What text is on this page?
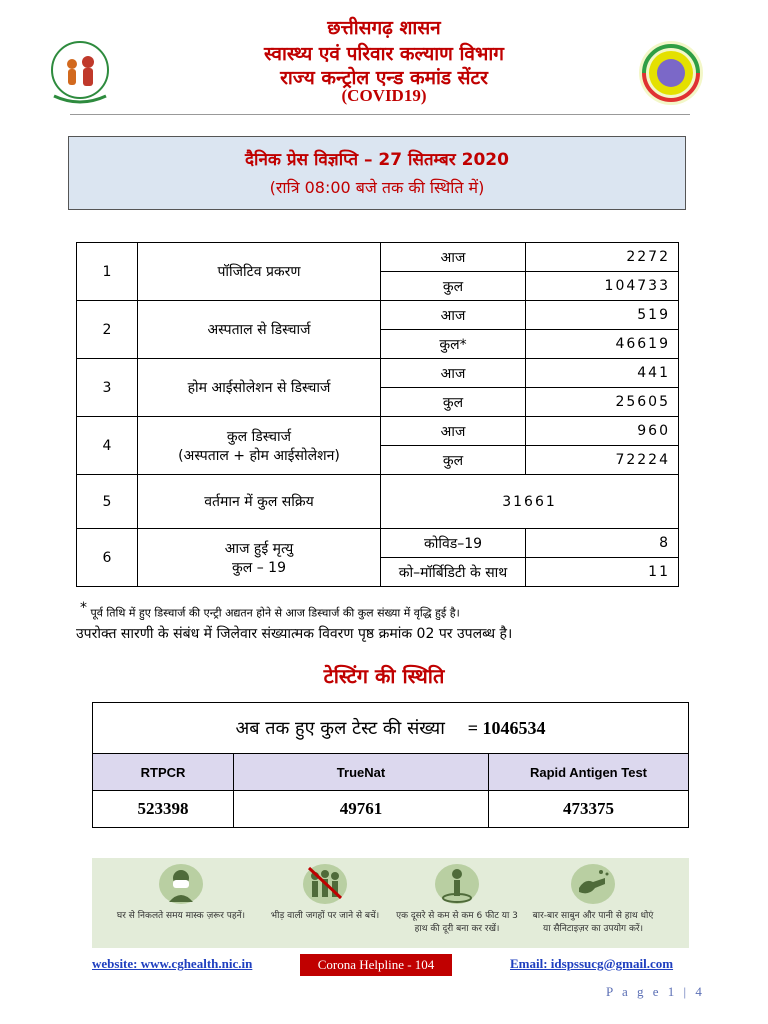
छत्तीसगढ़ शासन
स्वास्थ्य एवं परिवार कल्याण विभाग
राज्य कन्ट्रोल एन्ड कमांड सेंटर
(COVID19)
दैनिक प्रेस विज्ञप्ति – 27 सितम्बर 2020
(रात्रि 08:00 बजे तक की स्थिति में)
1	पॉजिटिव प्रकरण	आज	2272
		कुल	104733
2	अस्पताल से डिस्चार्ज	आज	519
		कुल*	46619
3	होम आईसोलेशन से डिस्चार्ज	आज	441
		कुल	25605
4	कुल डिस्चार्ज
(अस्पताल + होम आईसोलेशन)	आज	960
		कुल	72224
5	वर्तमान में कुल सक्रिय	31661	
6	आज हुई मृत्यु
कुल – 19	कोविड–19	8
		को–मॉर्बिडिटी के साथ	11
* पूर्व तिथि में हुए डिस्चार्ज की एन्ट्री अद्यतन होने से आज डिस्चार्ज की कुल संख्या में वृद्धि हुई है।
उपरोक्त सारणी के संबंध में जिलेवार संख्यात्मक विवरण पृष्ठ क्रमांक 02 पर उपलब्ध है।
टेस्टिंग की स्थिति
अब तक हुए कुल टेस्ट की संख्या = 1046534		
RTPCR	TrueNat	Rapid Antigen Test
523398	49761	473375
घर से निकलते समय मास्क ज़रूर पहनें।	भीड़ वाली जगहों पर जाने से बचें।	एक दूसरे से कम से कम 6 फीट या 3 हाथ की दूरी बना कर रखें।
बार-बार साबुन और पानी से हाथ धोएं या सैनिटाइज़र का उपयोग करें।
website: www.cghealth.nic.in	Corona Helpline - 104	Email: idspssucg@gmail.com
P a g e 1 | 4
